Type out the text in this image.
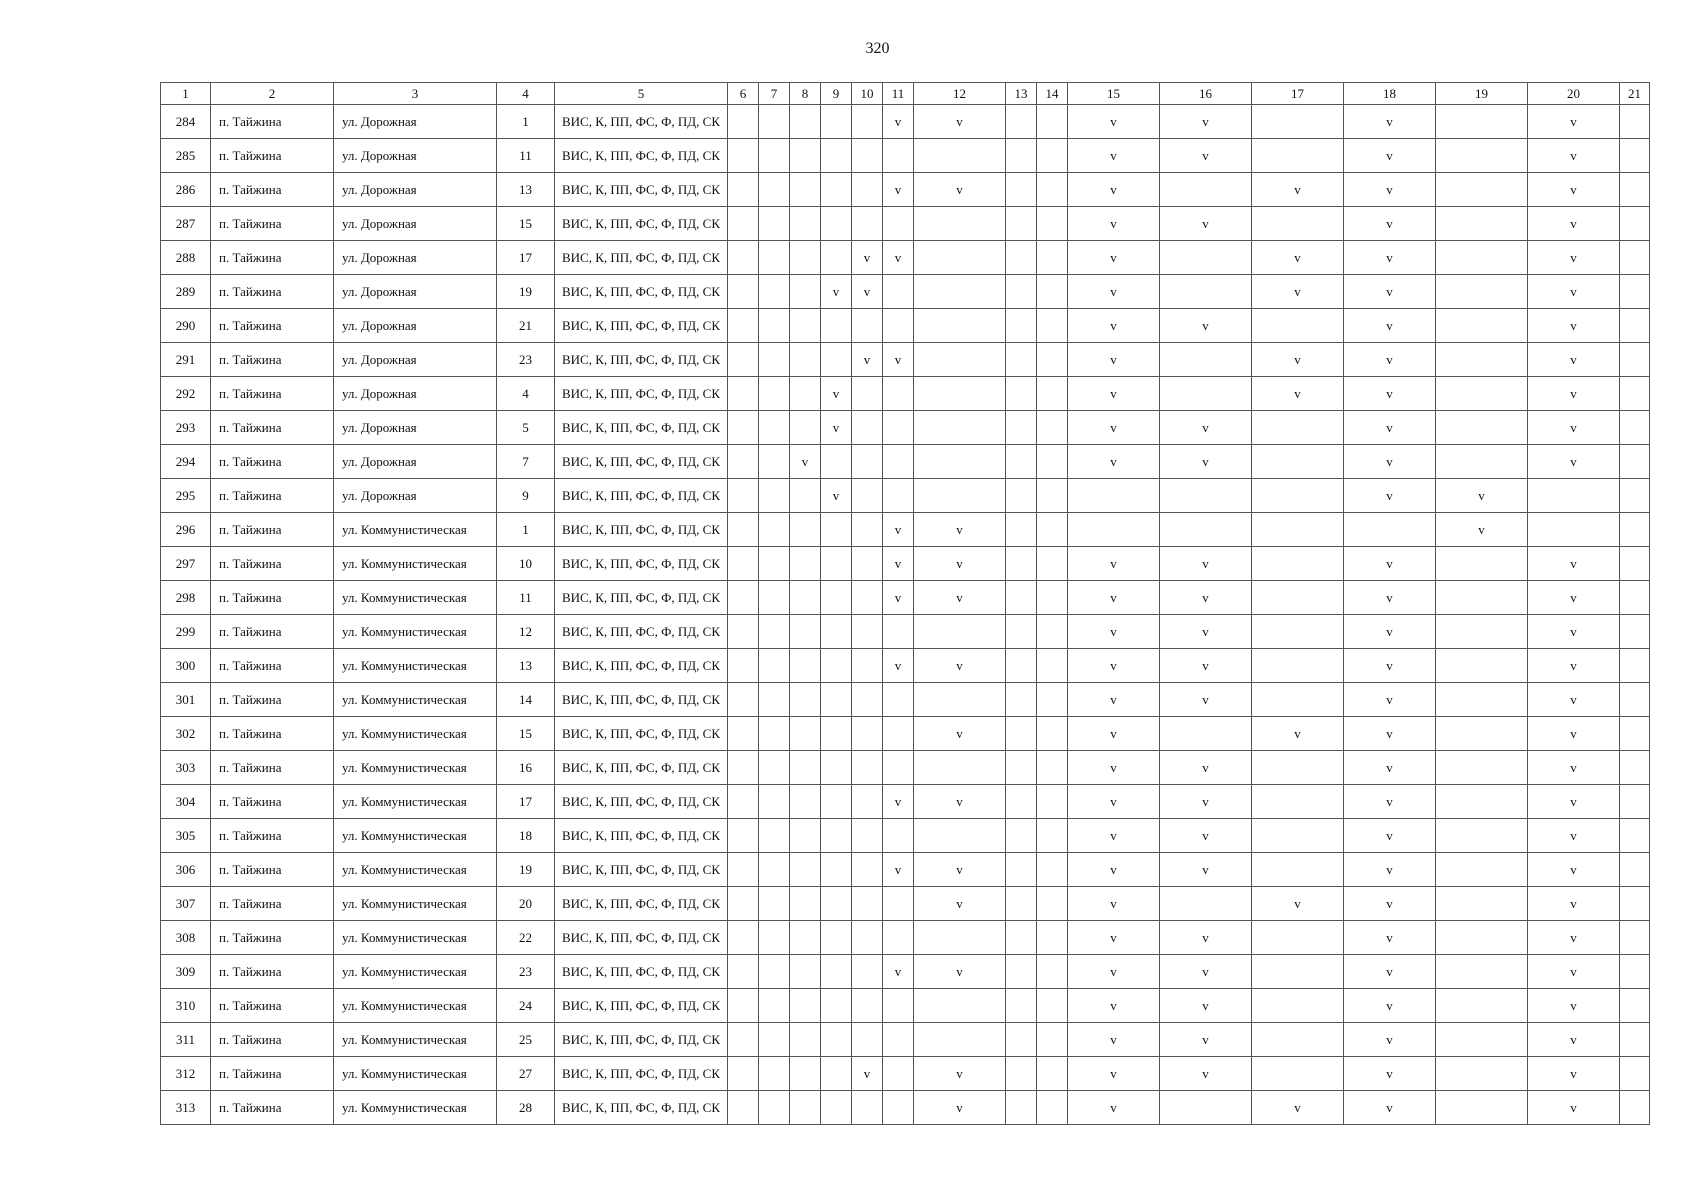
320
1	2	3	4	5	6	7	8	9	10	11	12	13	14	15	16	17	18	19	20	21
284	п. Тайжина	ул. Дорожная	1	ВИС, К, ПП, ФС, Ф, ПД, СК						v	v			v	v		v		v	
285	п. Тайжина	ул. Дорожная	11	ВИС, К, ПП, ФС, Ф, ПД, СК										v	v		v		v	
286	п. Тайжина	ул. Дорожная	13	ВИС, К, ПП, ФС, Ф, ПД, СК						v	v			v		v	v		v	
287	п. Тайжина	ул. Дорожная	15	ВИС, К, ПП, ФС, Ф, ПД, СК										v	v		v		v	
288	п. Тайжина	ул. Дорожная	17	ВИС, К, ПП, ФС, Ф, ПД, СК					v	v				v		v	v		v	
289	п. Тайжина	ул. Дорожная	19	ВИС, К, ПП, ФС, Ф, ПД, СК				v	v					v		v	v		v	
290	п. Тайжина	ул. Дорожная	21	ВИС, К, ПП, ФС, Ф, ПД, СК										v	v		v		v	
291	п. Тайжина	ул. Дорожная	23	ВИС, К, ПП, ФС, Ф, ПД, СК					v	v				v		v	v		v	
292	п. Тайжина	ул. Дорожная	4	ВИС, К, ПП, ФС, Ф, ПД, СК				v						v		v	v		v	
293	п. Тайжина	ул. Дорожная	5	ВИС, К, ПП, ФС, Ф, ПД, СК				v						v	v		v		v	
294	п. Тайжина	ул. Дорожная	7	ВИС, К, ПП, ФС, Ф, ПД, СК			v							v	v		v		v	
295	п. Тайжина	ул. Дорожная	9	ВИС, К, ПП, ФС, Ф, ПД, СК				v									v	v		
296	п. Тайжина	ул. Коммунистическая	1	ВИС, К, ПП, ФС, Ф, ПД, СК						v	v							v		
297	п. Тайжина	ул. Коммунистическая	10	ВИС, К, ПП, ФС, Ф, ПД, СК						v	v			v	v		v		v	
298	п. Тайжина	ул. Коммунистическая	11	ВИС, К, ПП, ФС, Ф, ПД, СК						v	v			v	v		v		v	
299	п. Тайжина	ул. Коммунистическая	12	ВИС, К, ПП, ФС, Ф, ПД, СК										v	v		v		v	
300	п. Тайжина	ул. Коммунистическая	13	ВИС, К, ПП, ФС, Ф, ПД, СК						v	v			v	v		v		v	
301	п. Тайжина	ул. Коммунистическая	14	ВИС, К, ПП, ФС, Ф, ПД, СК										v	v		v		v	
302	п. Тайжина	ул. Коммунистическая	15	ВИС, К, ПП, ФС, Ф, ПД, СК							v			v		v	v		v	
303	п. Тайжина	ул. Коммунистическая	16	ВИС, К, ПП, ФС, Ф, ПД, СК										v	v		v		v	
304	п. Тайжина	ул. Коммунистическая	17	ВИС, К, ПП, ФС, Ф, ПД, СК						v	v			v	v		v		v	
305	п. Тайжина	ул. Коммунистическая	18	ВИС, К, ПП, ФС, Ф, ПД, СК										v	v		v		v	
306	п. Тайжина	ул. Коммунистическая	19	ВИС, К, ПП, ФС, Ф, ПД, СК						v	v			v	v		v		v	
307	п. Тайжина	ул. Коммунистическая	20	ВИС, К, ПП, ФС, Ф, ПД, СК							v			v		v	v		v	
308	п. Тайжина	ул. Коммунистическая	22	ВИС, К, ПП, ФС, Ф, ПД, СК										v	v		v		v	
309	п. Тайжина	ул. Коммунистическая	23	ВИС, К, ПП, ФС, Ф, ПД, СК						v	v			v	v		v		v	
310	п. Тайжина	ул. Коммунистическая	24	ВИС, К, ПП, ФС, Ф, ПД, СК										v	v		v		v	
311	п. Тайжина	ул. Коммунистическая	25	ВИС, К, ПП, ФС, Ф, ПД, СК										v	v		v		v	
312	п. Тайжина	ул. Коммунистическая	27	ВИС, К, ПП, ФС, Ф, ПД, СК					v		v			v	v		v		v	
313	п. Тайжина	ул. Коммунистическая	28	ВИС, К, ПП, ФС, Ф, ПД, СК							v			v		v	v		v	
